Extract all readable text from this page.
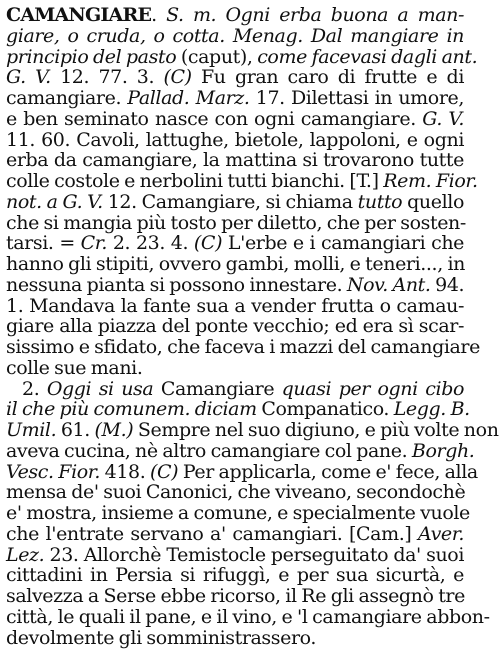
CAMANGIARE. S. m. Ogni erba buona a man-
giare, o cruda, o cotta. Menag. Dal mangiare in
principio del pasto (caput), come facevasi dagli ant.
G. V. 12. 77. 3. (C) Fu gran caro di frutte e di
camangiare. Pallad. Marz. 17. Dilettasi in umore,
e ben seminato nasce con ogni camangiare. G. V.
11. 60. Cavoli, lattughe, bietole, lappoloni, e ogni
erba da camangiare, la mattina si trovarono tutte
colle costole e nerbolini tutti bianchi. [T.] Rem. Fior.
not. a G. V. 12. Camangiare, si chiama tutto quello
che si mangia più tosto per diletto, che per sosten-
tarsi. = Cr. 2. 23. 4. (C) L'erbe e i camangiari che
hanno gli stipiti, ovvero gambi, molli, e teneri..., in
nessuna pianta si possono innestare. Nov. Ant. 94.
1. Mandava la fante sua a vender frutta o camau-
giare alla piazza del ponte vecchio; ed era sì scar-
sissimo e sfidato, che faceva i mazzi del camangiare
colle sue mani.
2. Oggi si usa Camangiare quasi per ogni cibo
il che più comunem. diciam Companatico. Legg. B.
Umil. 61. (M.) Sempre nel suo digiuno, e più volte non
aveva cucina, nè altro camangiare col pane. Borgh.
Vesc. Fior. 418. (C) Per applicarla, come e' fece, alla
mensa de' suoi Canonici, che viveano, secondochè
e' mostra, insieme a comune, e specialmente vuole
che l'entrate servano a' camangiari. [Cam.] Aver.
Lez. 23. Allorchè Temistocle perseguitato da' suoi
cittadini in Persia si rifuggì, e per sua sicurtà, e
salvezza a Serse ebbe ricorso, il Re gli assegnò tre
città, le quali il pane, e il vino, e 'l camangiare abbon-
devolmente gli somministrassero.
